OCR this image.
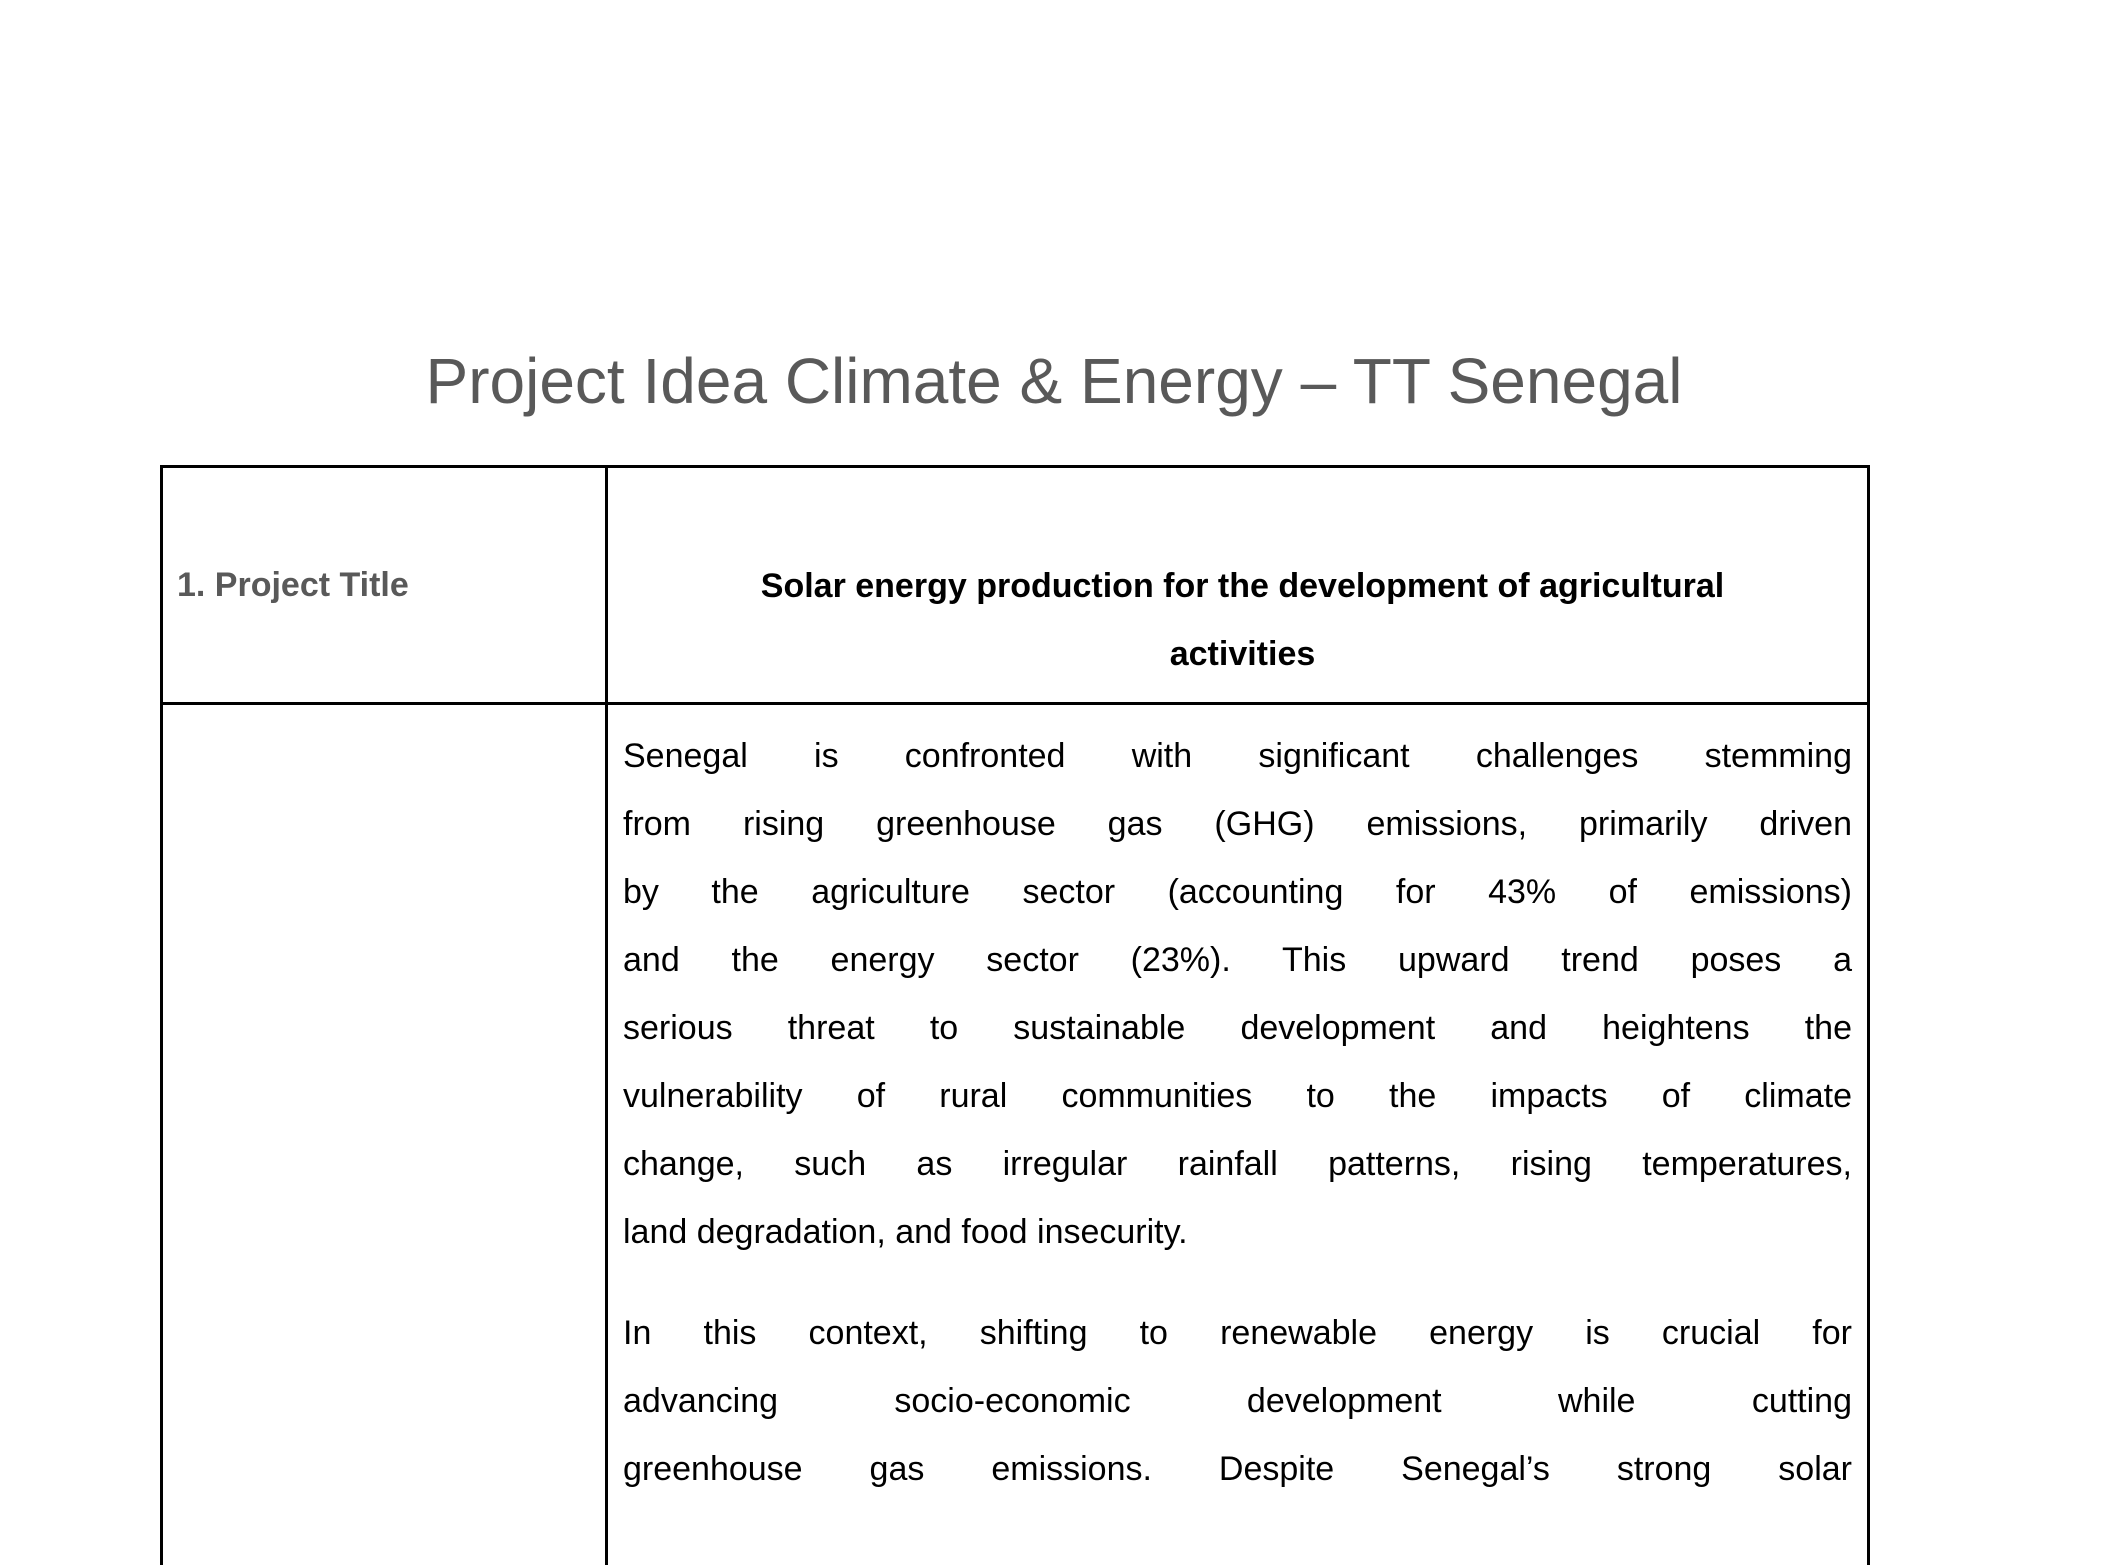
Project Idea Climate & Energy – TT Senegal
1. Project Title	Solar energy production for the development of agricultural
activities
Senegal is confronted with significant challenges stemming
from rising greenhouse gas (GHG) emissions, primarily driven
by the agriculture sector (accounting for 43% of emissions)
and the energy sector (23%). This upward trend poses a
serious threat to sustainable development and heightens the
vulnerability of rural communities to the impacts of climate
change, such as irregular rainfall patterns, rising temperatures,
land degradation, and food insecurity.
In this context, shifting to renewable energy is crucial for
advancing socio-economic development while cutting
greenhouse gas emissions. Despite Senegal’s strong solar
